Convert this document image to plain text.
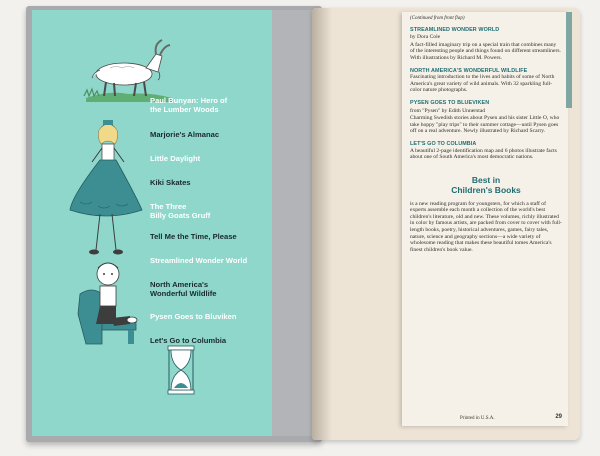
Paul Bunyan: Hero of
the Lumber Woods
Marjorie's Almanac
Little Daylight
Kiki Skates
The Three
Billy Goats Gruff
Tell Me the Time, Please
Streamlined Wonder World
North America's
Wonderful Wildlife
Pysen Goes to Bluviken
Let's Go to Columbia
(Continued from front flap)
STREAMLINED WONDER WORLD
by Dora Cole

A fact-filled imaginary trip on a special train that combines many of the interesting people and things found on different streamliners. With illustrations by Richard M. Powers.

NORTH AMERICA'S WONDERFUL WILDLIFE

Fascinating introduction to the lives and habits of some of North America's great variety of wild animals. With 32 sparkling full-color nature photographs.

PYSEN GOES TO BLUEVIKEN
from "Pysen" by Edith Unnerstad

Charming Swedish stories about Pysen and his sister Little O, who take hoppy "play trips" to their summer cottage—until Pysen goes off on a real adventure. Newly illustrated by Richard Scarry.

LET'S GO TO COLUMBIA

A beautiful 2-page identification map and 6 photos illustrate facts about one of South America's most democratic nations.

Best in
Children's Books

is a new reading program for youngsters, for which a staff of experts assemble each month a collection of the world's best children's literature, old and new. These volumes, richly illustrated in color by famous artists, are packed from cover to cover with full-length books, poetry, historical adventures, games, fairy tales, nature, science and geography sections—a wide variety of wholesome reading that makes these beautiful tomes America's finest children's book value.

Printed in U.S.A.	29
